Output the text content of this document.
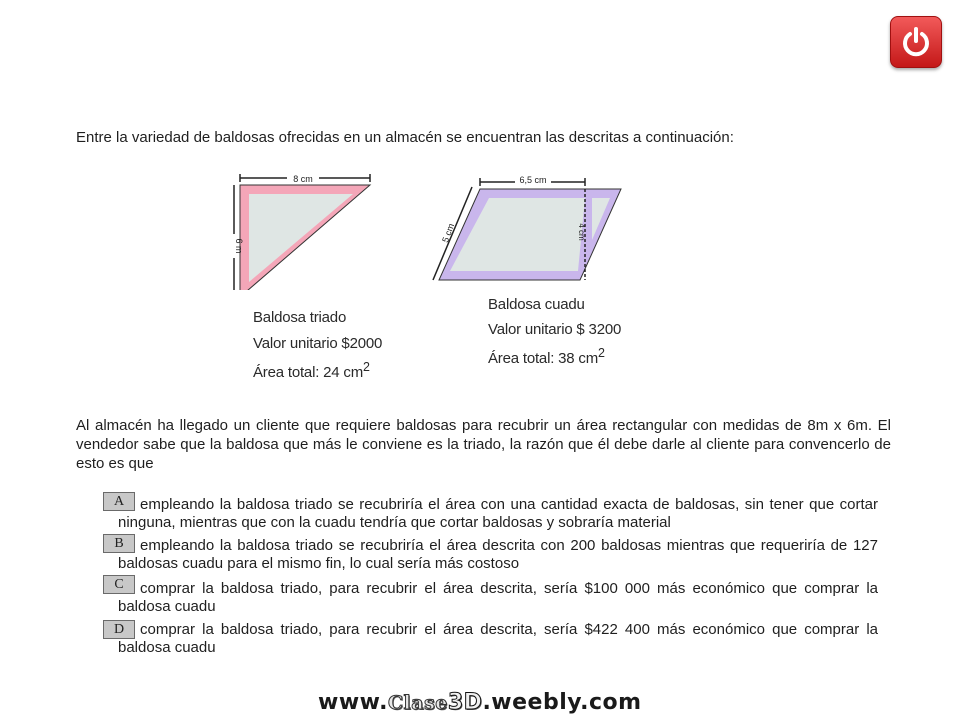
Entre la variedad de baldosas ofrecidas en un almacén se encuentran las descritas a continuación:
8 cm
6 m
6,5 cm
5 cm	4 cm
Baldosa triado
Valor unitario $2000
Área total: 24 $cm^2$
Baldosa cuadu
Valor unitario $ 3200
Área total: 38 $cm^2$
Al almacén ha llegado un cliente que requiere baldosas para recubrir un área rectangular con medidas de 8m x 6m. El vendedor sabe que la baldosa que más le conviene es la triado, la razón que él debe darle al cliente para convencerlo de esto es que
A	empleando la baldosa triado se recubriría el área con una cantidad exacta de baldosas, sin tener que cortar ninguna, mientras que con la cuadu tendría que cortar baldosas y sobraría material
B	empleando la baldosa triado se recubriría el área descrita con 200 baldosas mientras que requeriría de 127 baldosas cuadu para el mismo fin, lo cual sería más costoso
C	comprar la baldosa triado, para recubrir el área descrita, sería $100 000 más económico que comprar la baldosa cuadu
D	comprar la baldosa triado, para recubrir el área descrita, sería $422 400 más económico que comprar la baldosa cuadu
www.Clase3D.weebly.com
